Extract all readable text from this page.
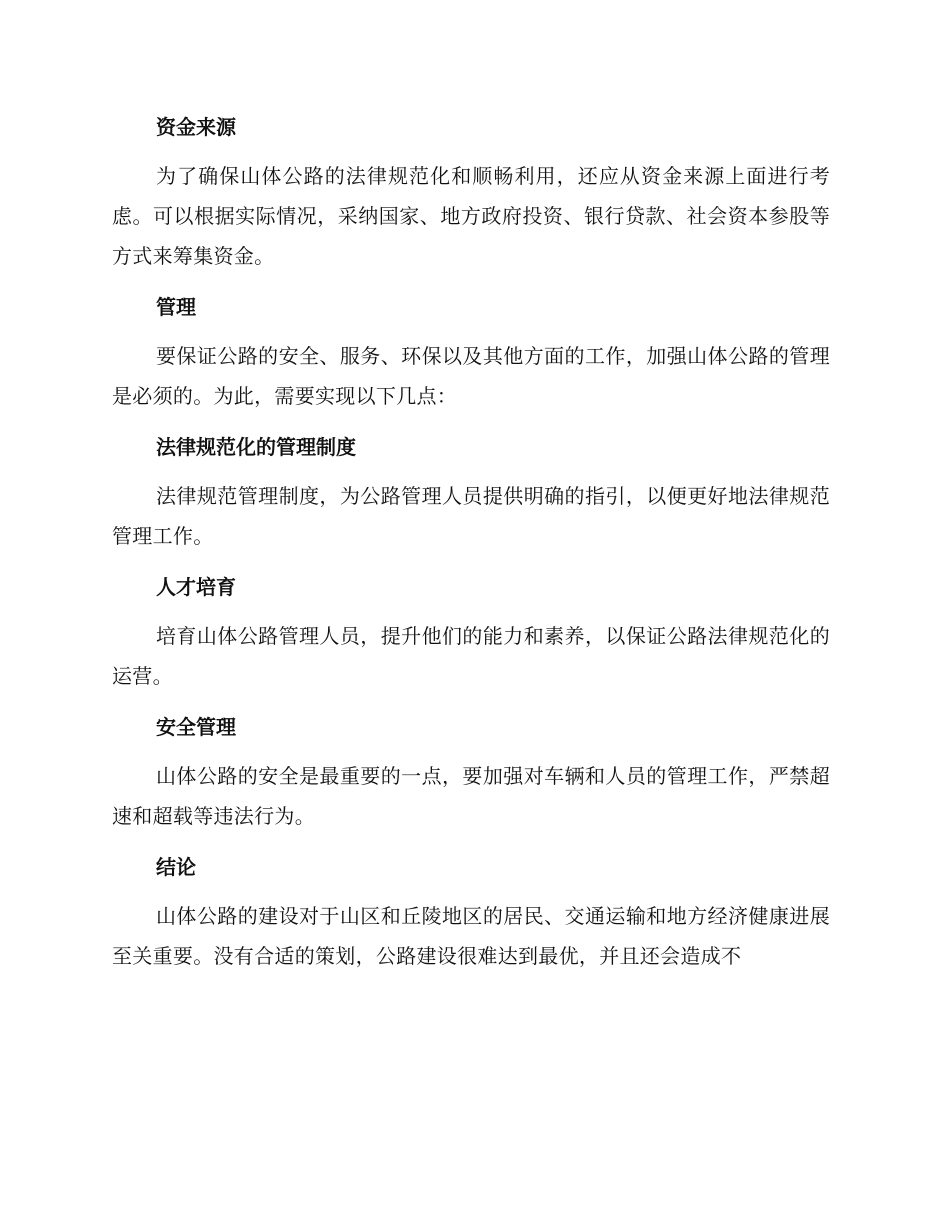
资金来源

为了确保山体公路的法律规范化和顺畅利用，还应从资金来源上面进行考虑。可以根据实际情况，采纳国家、地方政府投资、银行贷款、社会资本参股等方式来筹集资金。

管理

要保证公路的安全、服务、环保以及其他方面的工作，加强山体公路的管理是必须的。为此，需要实现以下几点：

法律规范化的管理制度

法律规范管理制度，为公路管理人员提供明确的指引，以便更好地法律规范管理工作。

人才培育

培育山体公路管理人员，提升他们的能力和素养，以保证公路法律规范化的运营。

安全管理

山体公路的安全是最重要的一点，要加强对车辆和人员的管理工作，严禁超速和超载等违法行为。

结论

山体公路的建设对于山区和丘陵地区的居民、交通运输和地方经济健康进展至关重要。没有合适的策划，公路建设很难达到最优，并且还会造成不
